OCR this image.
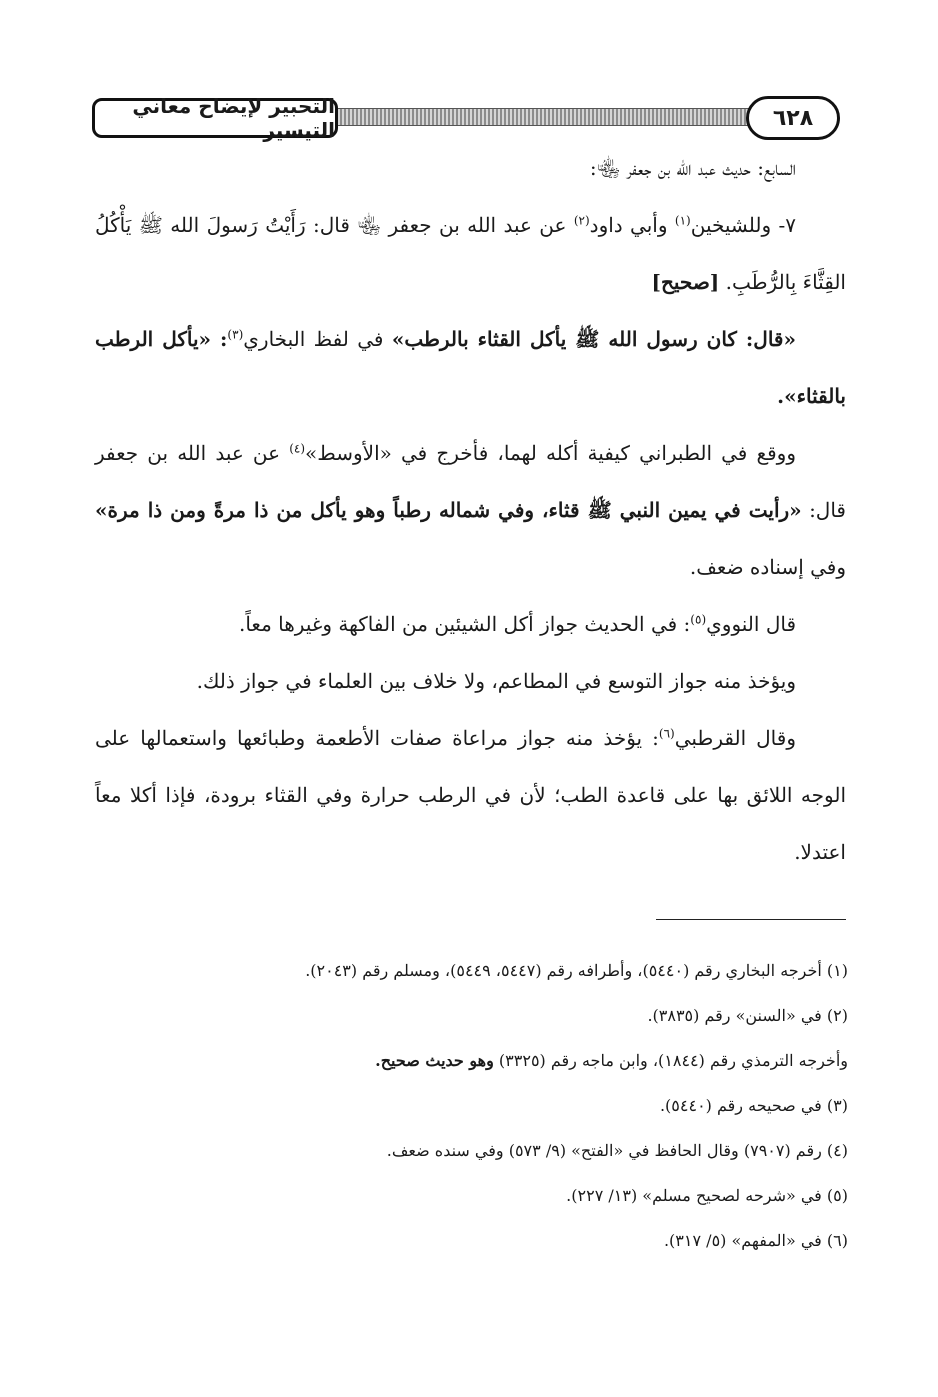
التحبير لإيضاح معاني التيسير	٦٢٨

السابع: حديث عبد الله بن جعفر ﵄:

٧- وللشيخين$^{(١)}$ وأبي داود$^{(٢)}$ عن عبد الله بن جعفر ﵄ قال: رَأَيْتُ رَسولَ الله ﷺ يَأْكُلُ القِثَّاءَ بِالرُّطَبِ. [صحيح]

«قال: كان رسول الله ﷺ يأكل القثاء بالرطب» في لفظ البخاري$^{(٣)}$: «يأكل الرطب بالقثاء».

ووقع في الطبراني كيفية أكله لهما، فأخرج في «الأوسط»$^{(٤)}$ عن عبد الله بن جعفر قال: «رأيت في يمين النبي ﷺ قثاء، وفي شماله رطباً وهو يأكل من ذا مرةً ومن ذا مرة» وفي إسناده ضعف.

قال النووي$^{(٥)}$: في الحديث جواز أكل الشيئين من الفاكهة وغيرها معاً.

ويؤخذ منه جواز التوسع في المطاعم، ولا خلاف بين العلماء في جواز ذلك.

وقال القرطبي$^{(٦)}$: يؤخذ منه جواز مراعاة صفات الأطعمة وطبائعها واستعمالها على الوجه اللائق بها على قاعدة الطب؛ لأن في الرطب حرارة وفي القثاء برودة، فإذا أكلا معاً اعتدلا.

(١) أخرجه البخاري رقم (٥٤٤٠)، وأطرافه رقم (٥٤٤٧، ٥٤٤٩)، ومسلم رقم (٢٠٤٣).

(٢) في «السنن» رقم (٣٨٣٥).

وأخرجه الترمذي رقم (١٨٤٤)، وابن ماجه رقم (٣٣٢٥) وهو حديث صحيح.

(٣) في صحيحه رقم (٥٤٤٠).

(٤) رقم (٧٩٠٧) وقال الحافظ في «الفتح» (٩/ ٥٧٣) وفي سنده ضعف.

(٥) في «شرحه لصحيح مسلم» (١٣/ ٢٢٧).

(٦) في «المفهم» (٥/ ٣١٧).
